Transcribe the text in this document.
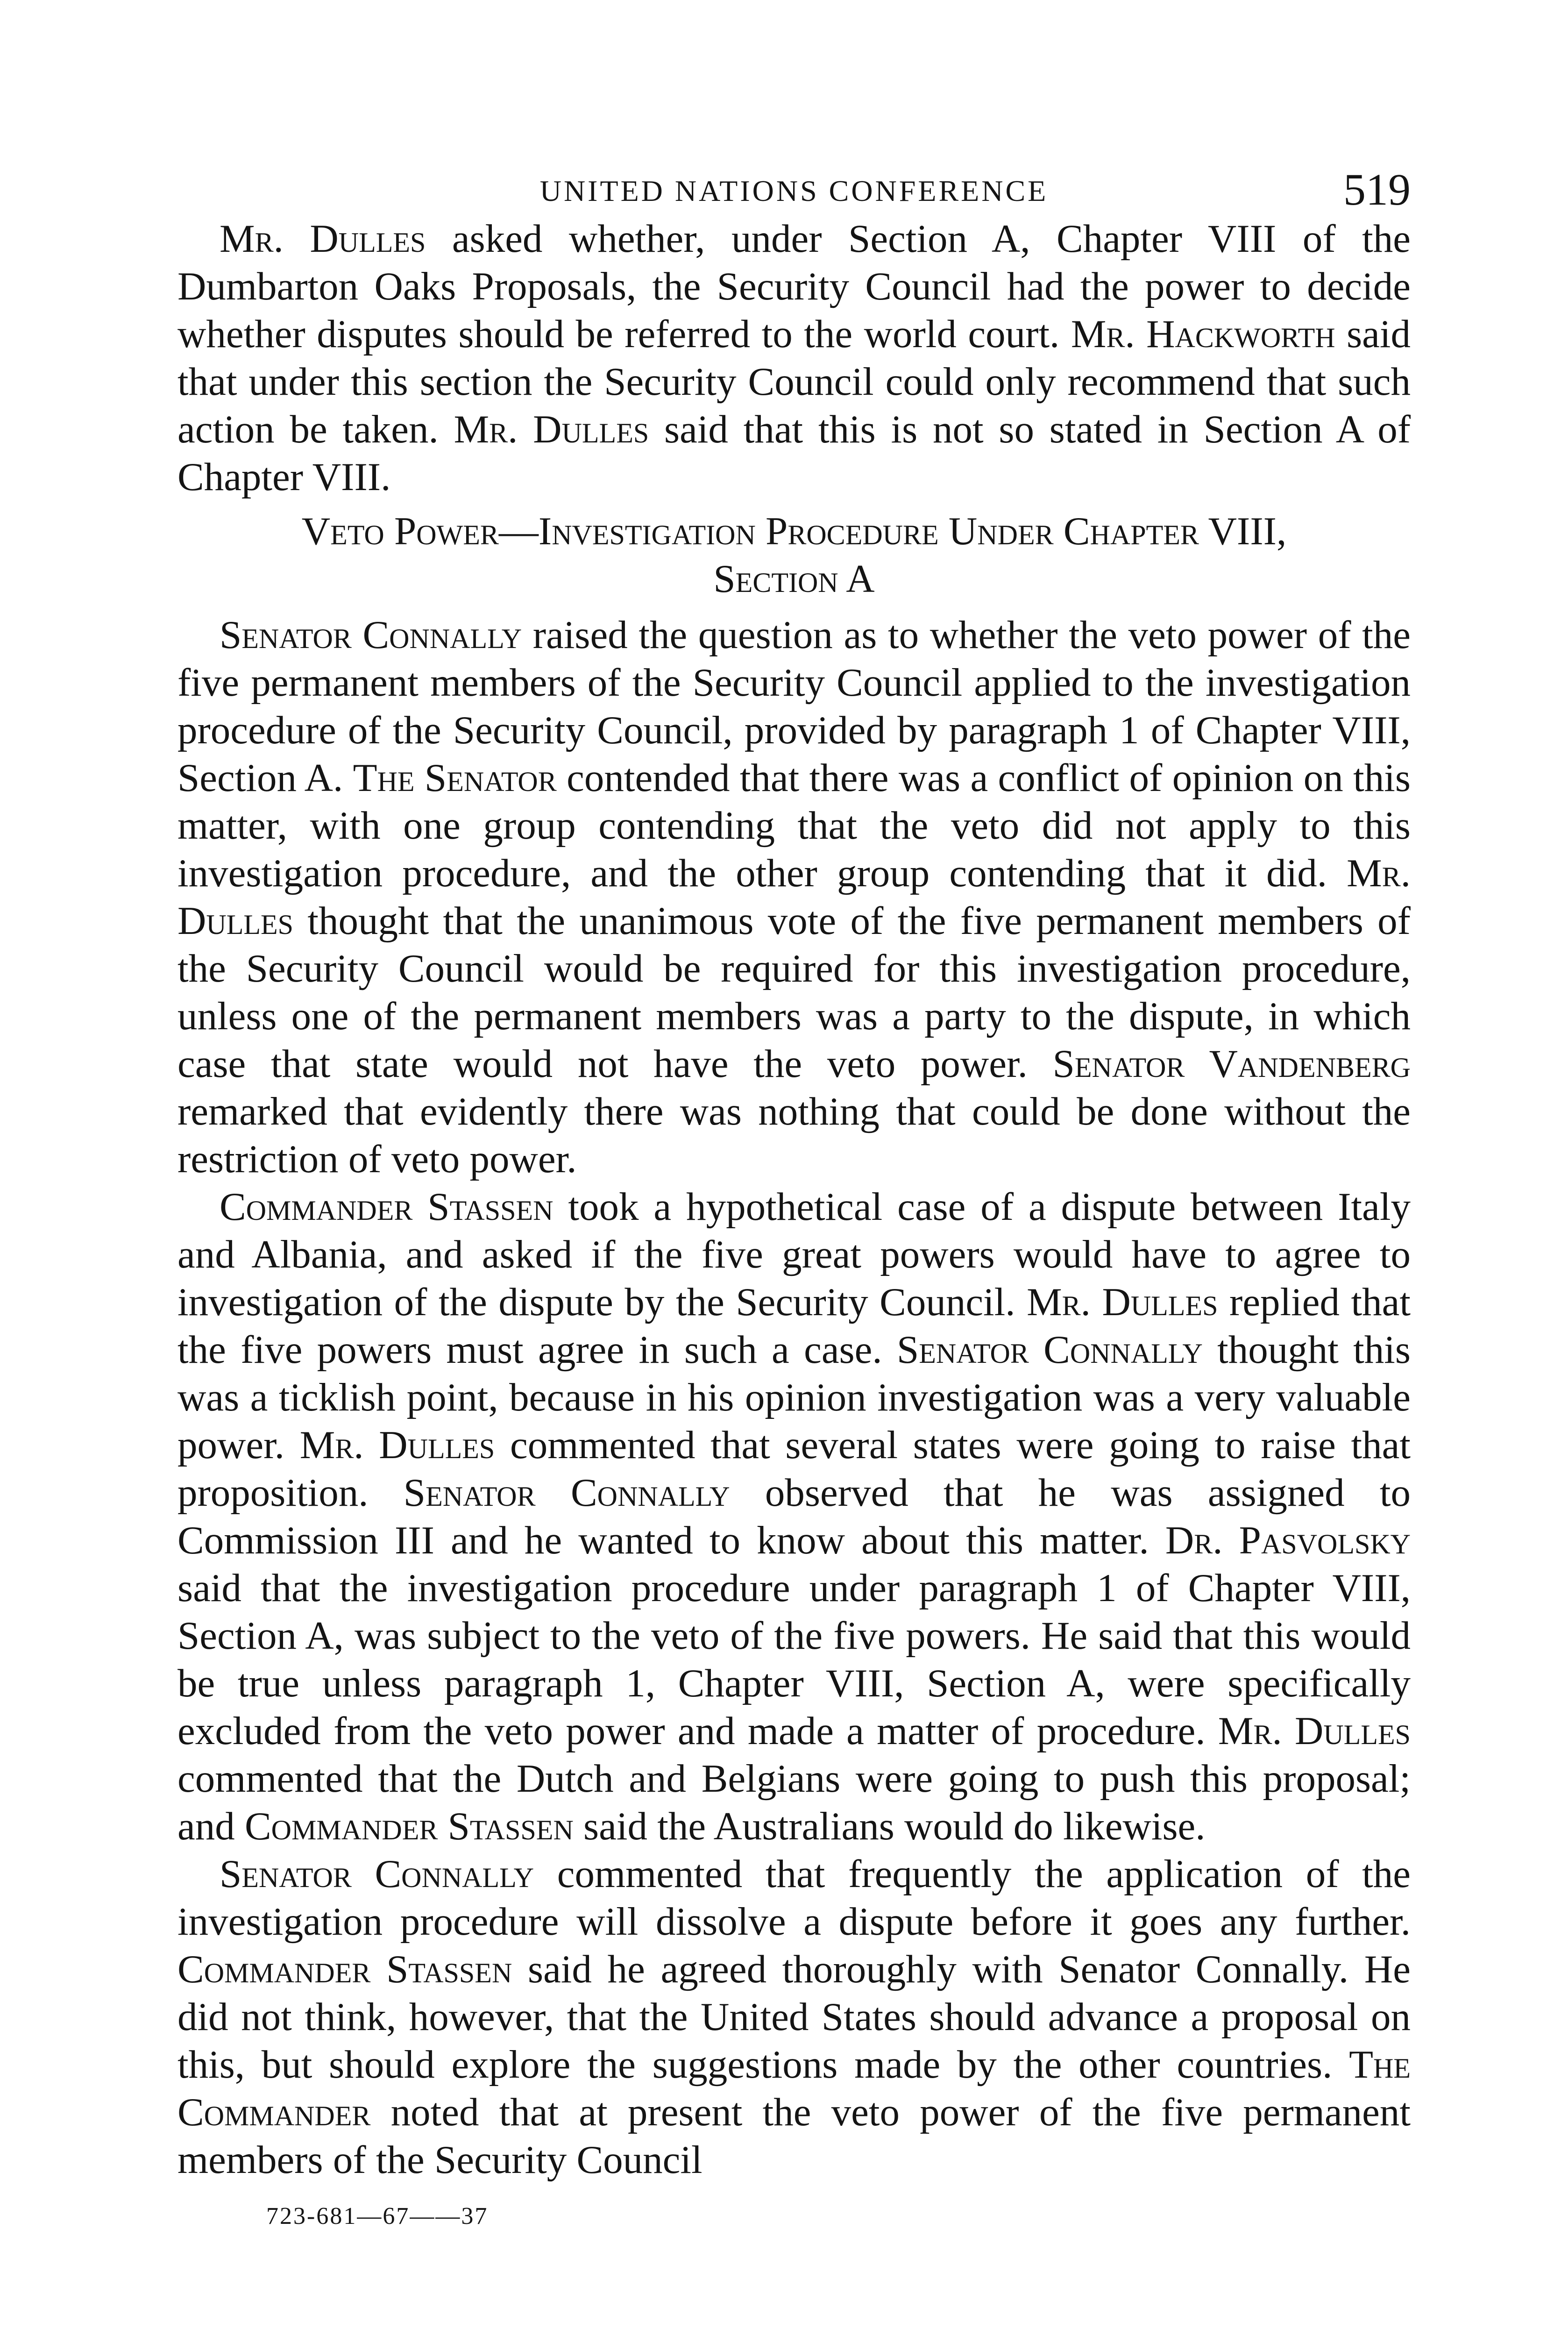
UNITED NATIONS CONFERENCE	519

Mr. Dulles asked whether, under Section A, Chapter VIII of the Dumbarton Oaks Proposals, the Security Council had the power to decide whether disputes should be referred to the world court. Mr. Hackworth said that under this section the Security Council could only recommend that such action be taken. Mr. Dulles said that this is not so stated in Section A of Chapter VIII.

Veto Power—Investigation Procedure Under Chapter VIII,
Section A

Senator Connally raised the question as to whether the veto power of the five permanent members of the Security Council applied to the investigation procedure of the Security Council, provided by paragraph 1 of Chapter VIII, Section A. The Senator contended that there was a conflict of opinion on this matter, with one group contending that the veto did not apply to this investigation procedure, and the other group contending that it did. Mr. Dulles thought that the unanimous vote of the five permanent members of the Security Council would be required for this investigation procedure, unless one of the permanent members was a party to the dispute, in which case that state would not have the veto power. Senator Vandenberg remarked that evidently there was nothing that could be done without the restriction of veto power.

Commander Stassen took a hypothetical case of a dispute between Italy and Albania, and asked if the five great powers would have to agree to investigation of the dispute by the Security Council. Mr. Dulles replied that the five powers must agree in such a case. Senator Connally thought this was a ticklish point, because in his opinion investigation was a very valuable power. Mr. Dulles commented that several states were going to raise that proposition. Senator Connally observed that he was assigned to Commission III and he wanted to know about this matter. Dr. Pasvolsky said that the investigation procedure under paragraph 1 of Chapter VIII, Section A, was subject to the veto of the five powers. He said that this would be true unless paragraph 1, Chapter VIII, Section A, were specifically excluded from the veto power and made a matter of procedure. Mr. Dulles commented that the Dutch and Belgians were going to push this proposal; and Commander Stassen said the Australians would do likewise.

Senator Connally commented that frequently the application of the investigation procedure will dissolve a dispute before it goes any further. Commander Stassen said he agreed thoroughly with Senator Connally. He did not think, however, that the United States should advance a proposal on this, but should explore the suggestions made by the other countries. The Commander noted that at present the veto power of the five permanent members of the Security Council

723-681—67——37
